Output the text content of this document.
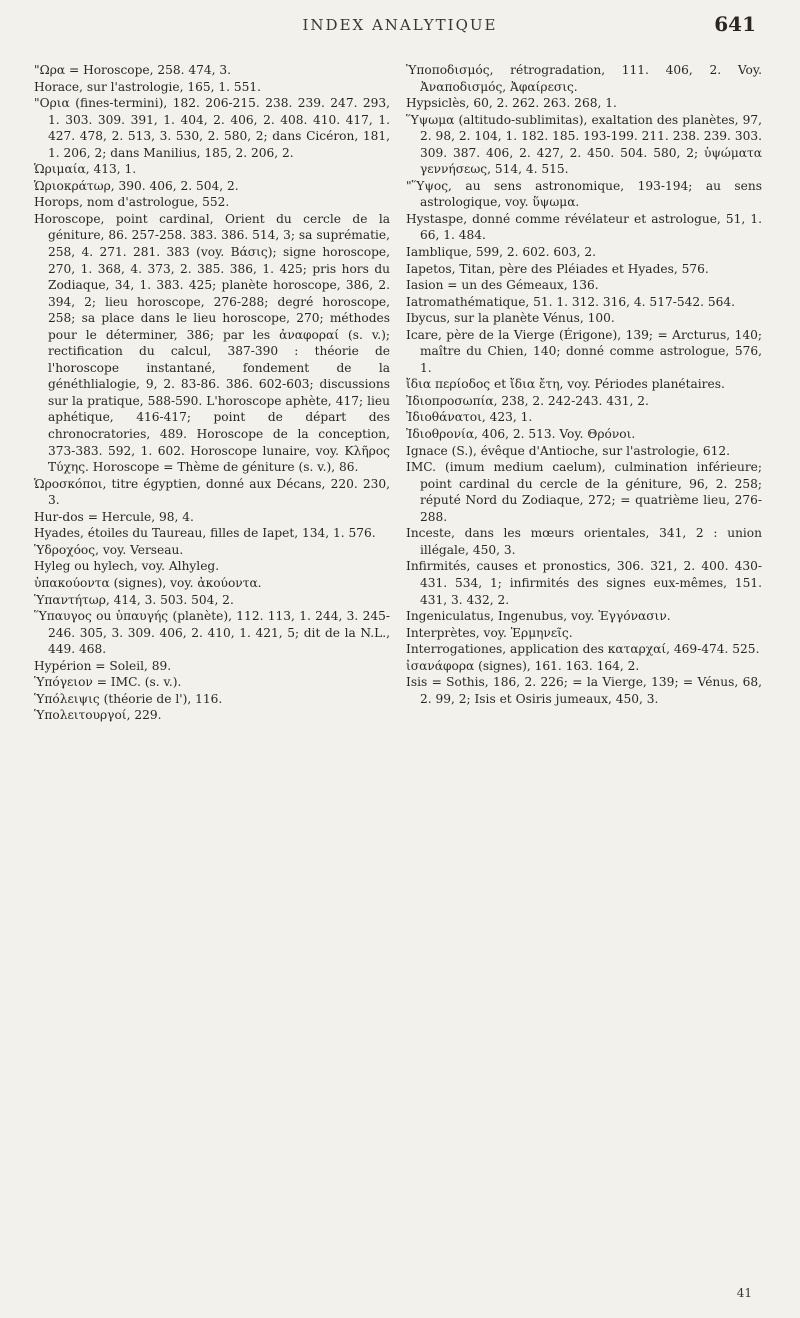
INDEX ANALYTIQUE	641

"Ωρα = Horoscope, 258. 474, 3.

Horace, sur l'astrologie, 165, 1. 551.

"Ορια (fines-termini), 182. 206-215. 238. 239. 247. 293, 1. 303. 309. 391, 1. 404, 2. 406, 2. 408. 410. 417, 1. 427. 478, 2. 513, 3. 530, 2. 580, 2; dans Cicéron, 181, 1. 206, 2; dans Manilius, 185, 2. 206, 2.

Ὡριμαία, 413, 1.

Ὡριοκράτωρ, 390. 406, 2. 504, 2.

Horops, nom d'astrologue, 552.

Horoscope, point cardinal, Orient du cercle de la géniture, 86. 257-258. 383. 386. 514, 3; sa suprématie, 258, 4. 271. 281. 383 (voy. Βάσις); signe horoscope, 270, 1. 368, 4. 373, 2. 385. 386, 1. 425; pris hors du Zodiaque, 34, 1. 383. 425; planète horoscope, 386, 2. 394, 2; lieu horoscope, 276-288; degré horoscope, 258; sa place dans le lieu horoscope, 270; méthodes pour le déterminer, 386; par les ἀναφοραί (s. v.); rectification du calcul, 387-390 : théorie de l'horoscope instantané, fondement de la généthlialogie, 9, 2. 83-86. 386. 602-603; discussions sur la pratique, 588-590. L'horoscope aphète, 417; lieu aphétique, 416-417; point de départ des chronocratories, 489. Horoscope de la conception, 373-383. 592, 1. 602. Horoscope lunaire, voy. Κλῆρος Τύχης. Horoscope = Thème de géniture (s. v.), 86.

Ὡροσκόποι, titre égyptien, donné aux Décans, 220. 230, 3.

Hur-dos = Hercule, 98, 4.

Hyades, étoiles du Taureau, filles de Iapet, 134, 1. 576.

Ὑδροχόος, voy. Verseau.

Hyleg ou hylech, voy. Alhyleg.

ὑπακούοντα (signes), voy. ἀκούοντα.

Ὑπαντήτωρ, 414, 3. 503. 504, 2.

Ὕπαυγος ou ὑπαυγής (planète), 112. 113, 1. 244, 3. 245-246. 305, 3. 309. 406, 2. 410, 1. 421, 5; dit de la N.L., 449. 468.

Hypérion = Soleil, 89.

Ὑπόγειον = IMC. (s. v.).

Ὑπόλειψις (théorie de l'), 116.

Ὑπολειτουργοί, 229.

Ὑποποδισμός, rétrogradation, 111. 406, 2. Voy. Ἀναποδισμός, Ἀφαίρεσις.

Hypsiclès, 60, 2. 262. 263. 268, 1.

Ὕψωμα (altitudo-sublimitas), exaltation des planètes, 97, 2. 98, 2. 104, 1. 182. 185. 193-199. 211. 238. 239. 303. 309. 387. 406, 2. 427, 2. 450. 504. 580, 2; ὑψώματα γεννήσεως, 514, 4. 515.

"Ὕψος, au sens astronomique, 193-194; au sens astrologique, voy. ὕψωμα.

Hystaspe, donné comme révélateur et astrologue, 51, 1. 66, 1. 484.

Iamblique, 599, 2. 602. 603, 2.

Iapetos, Titan, père des Pléiades et Hyades, 576.

Iasion = un des Gémeaux, 136.

Iatromathématique, 51. 1. 312. 316, 4. 517-542. 564.

Ibycus, sur la planète Vénus, 100.

Icare, père de la Vierge (Érigone), 139; = Arcturus, 140; maître du Chien, 140; donné comme astrologue, 576, 1.

ἴδια περίοδος et ἴδια ἔτη, voy. Périodes planétaires.

Ἰδιοπροσωπία, 238, 2. 242-243. 431, 2.

Ἰδιοθάνατοι, 423, 1.

Ἰδιοθρονία, 406, 2. 513. Voy. Θρόνοι.

Ignace (S.), évêque d'Antioche, sur l'astrologie, 612.

IMC. (imum medium caelum), culmination inférieure; point cardinal du cercle de la géniture, 96, 2. 258; réputé Nord du Zodiaque, 272; = quatrième lieu, 276-288.

Inceste, dans les mœurs orientales, 341, 2 : union illégale, 450, 3.

Infirmités, causes et pronostics, 306. 321, 2. 400. 430-431. 534, 1; infirmités des signes eux-mêmes, 151. 431, 3. 432, 2.

Ingeniculatus, Ingenubus, voy. Ἐγγόνασιν.

Interprètes, voy. Ἑρμηνεῖς.

Interrogationes, application des καταρχαί, 469-474. 525.

ἰσανάφορα (signes), 161. 163. 164, 2.

Isis = Sothis, 186, 2. 226; = la Vierge, 139; = Vénus, 68, 2. 99, 2; Isis et Osiris jumeaux, 450, 3.

41
